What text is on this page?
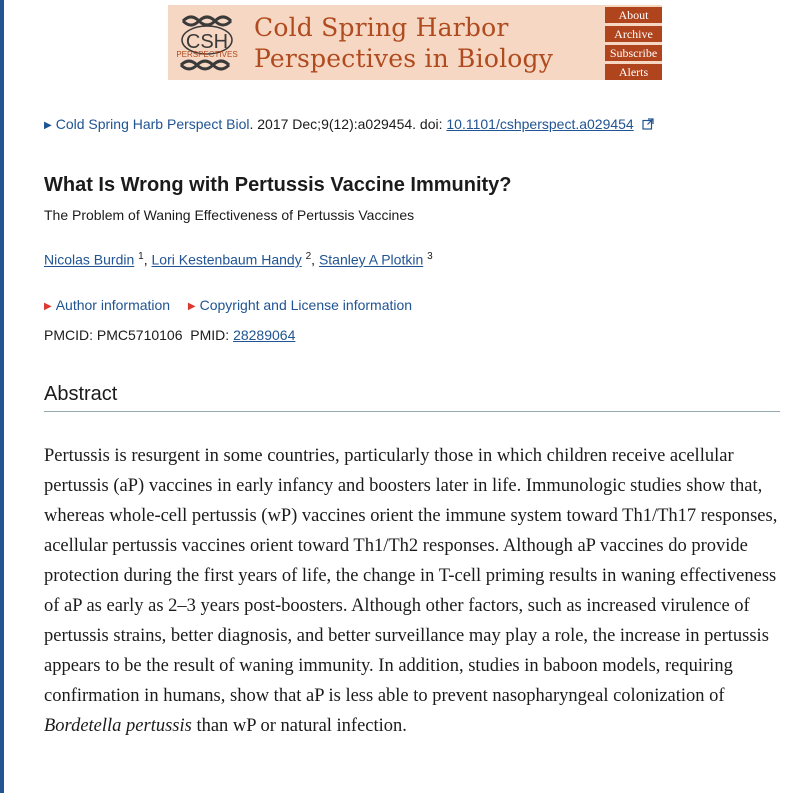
CSH
PERSPECTIVES
Cold Spring Harbor
Perspectives in Biology
About
Archive
Subscribe
Alerts
▶ Cold Spring Harb Perspect Biol. 2017 Dec;9(12):a029454. doi: 10.1101/cshperspect.a029454
What Is Wrong with Pertussis Vaccine Immunity?
The Problem of Waning Effectiveness of Pertussis Vaccines
Nicolas Burdin $^1$, Lori Kestenbaum Handy $^2$, Stanley A Plotkin $^3$
▶ Author information ▶ Copyright and License information
PMCID: PMC5710106 PMID: 28289064
Abstract

Pertussis is resurgent in some countries, particularly those in which children receive acellular pertussis (aP) vaccines in early infancy and boosters later in life. Immunologic studies show that, whereas whole-cell pertussis (wP) vaccines orient the immune system toward Th1/Th17 responses, acellular pertussis vaccines orient toward Th1/Th2 responses. Although aP vaccines do provide protection during the first years of life, the change in T-cell priming results in waning effectiveness of aP as early as 2–3 years post-boosters. Although other factors, such as increased virulence of pertussis strains, better diagnosis, and better surveillance may play a role, the increase in pertussis appears to be the result of waning immunity. In addition, studies in baboon models, requiring confirmation in humans, show that aP is less able to prevent nasopharyngeal colonization of Bordetella pertussis than wP or natural infection.
